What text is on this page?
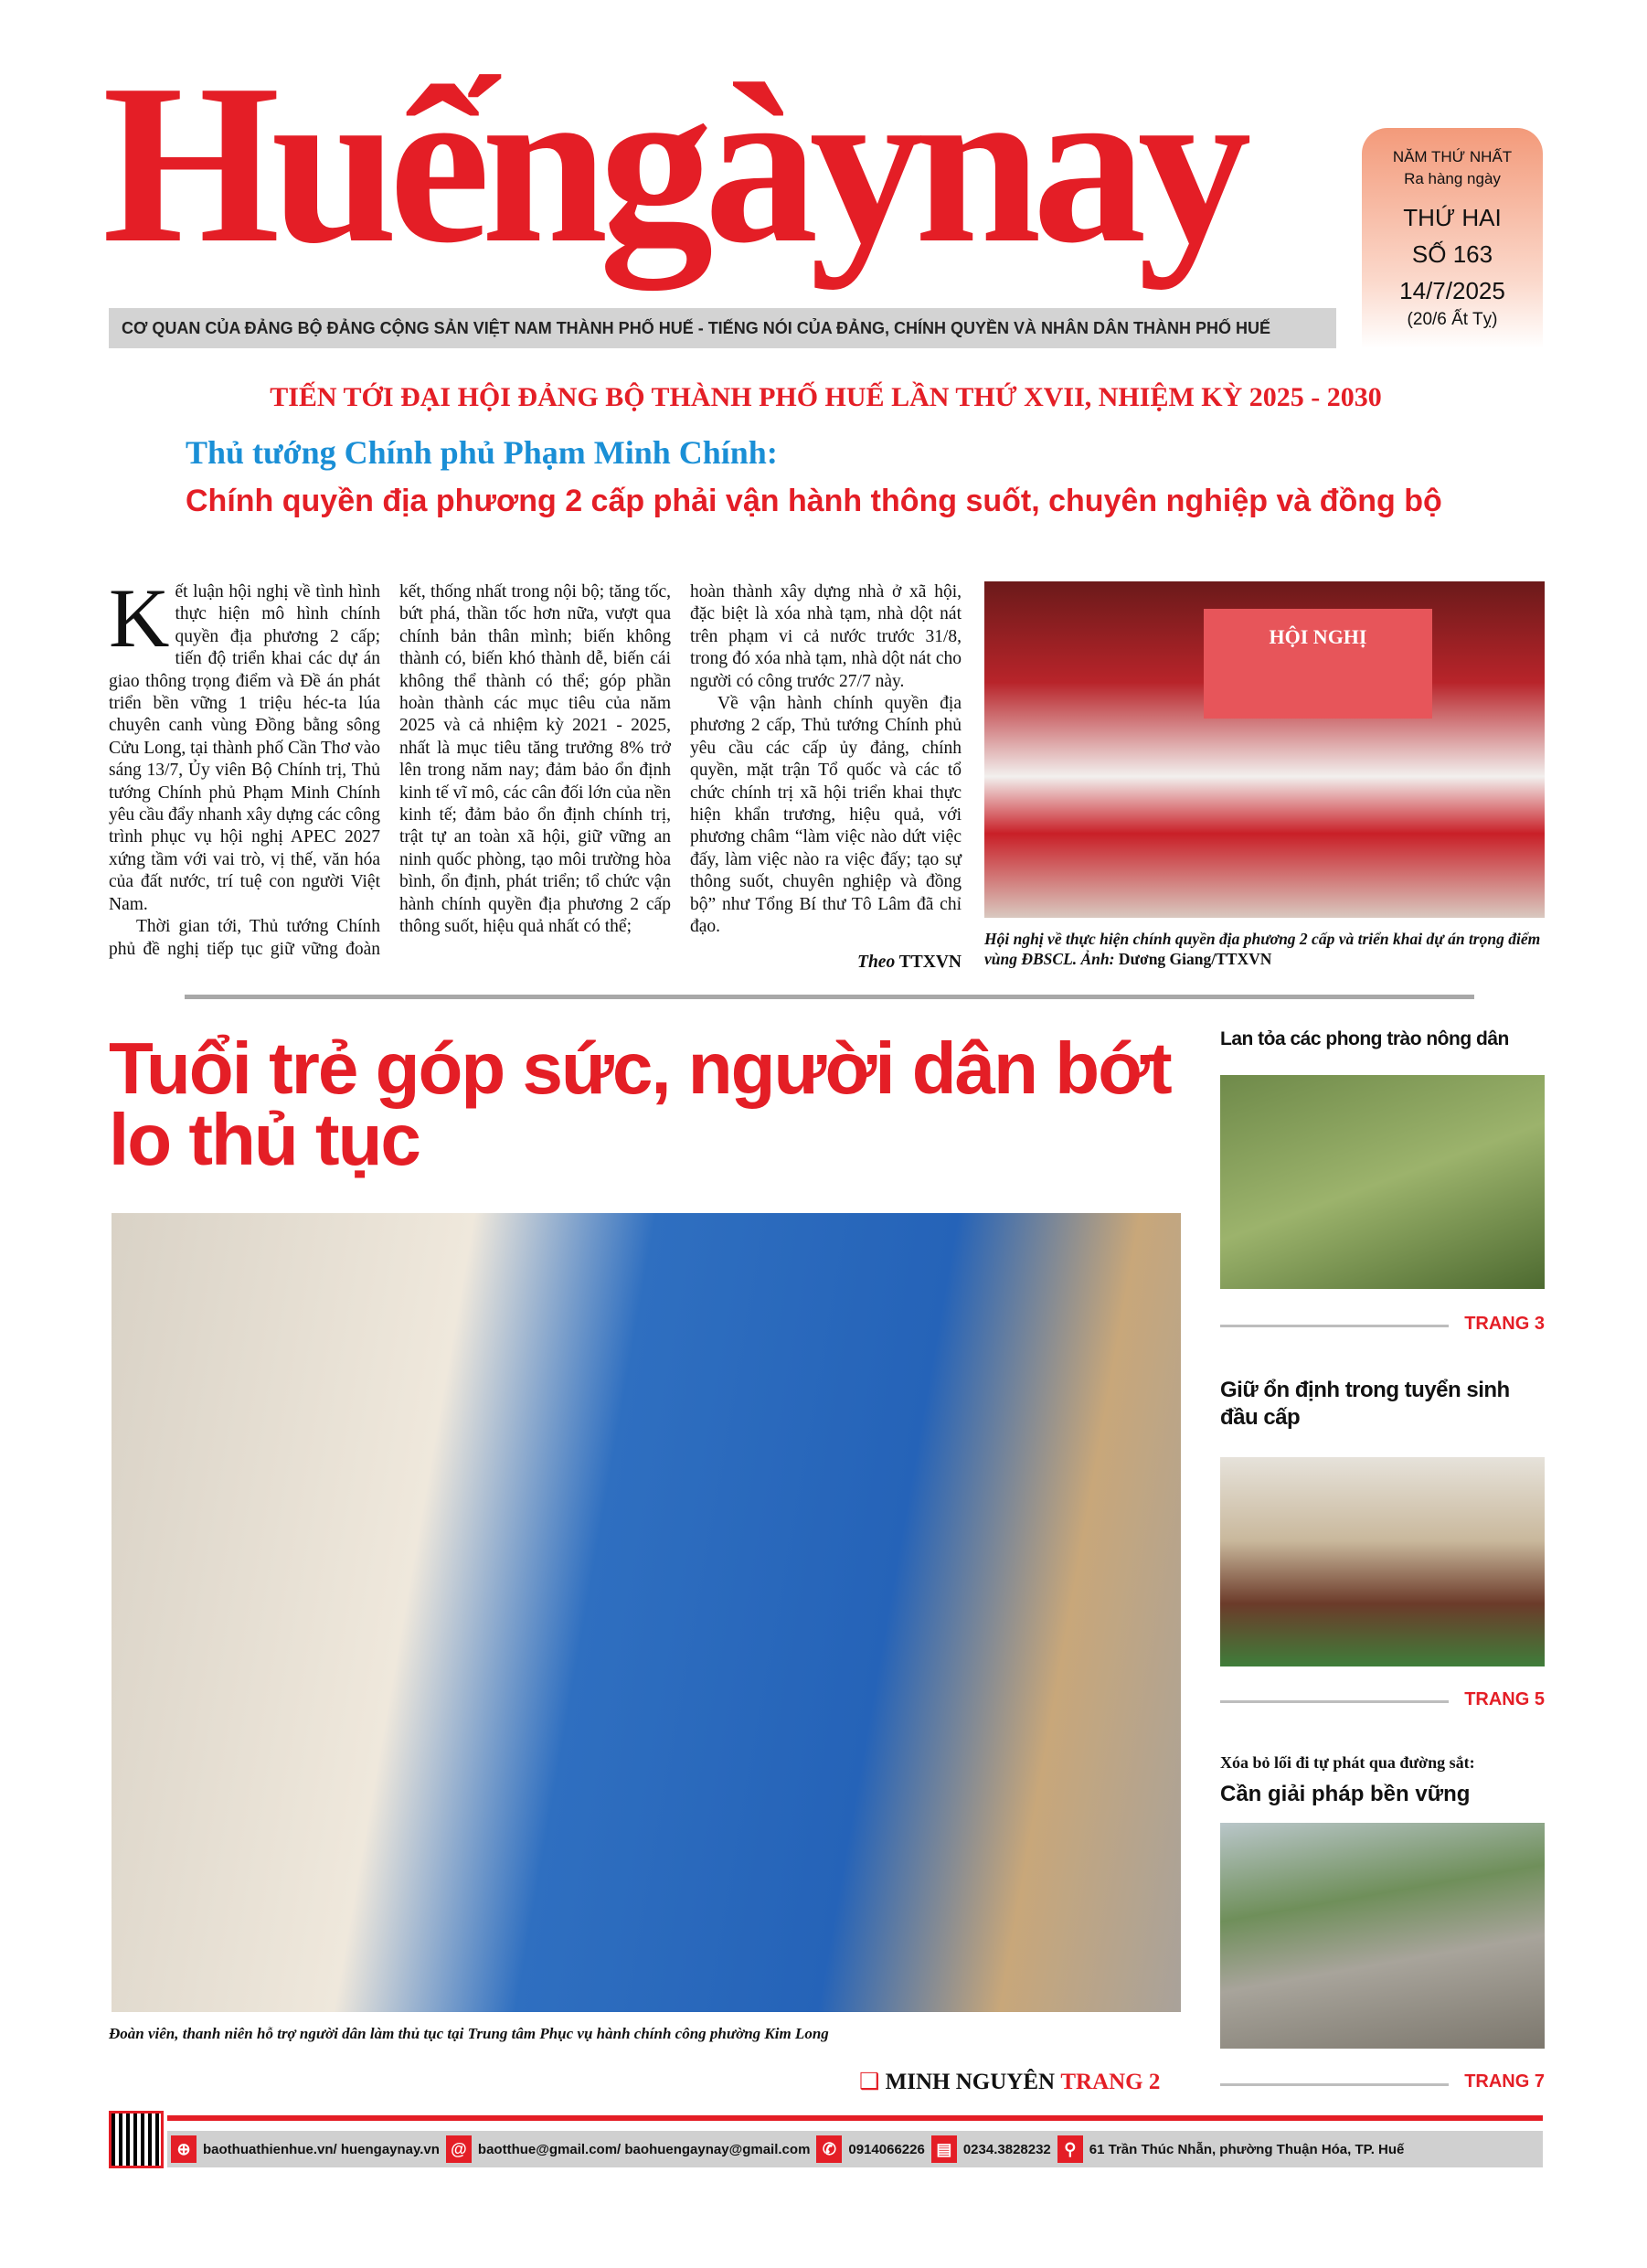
Huếngàynay
CƠ QUAN CỦA ĐẢNG BỘ ĐẢNG CỘNG SẢN VIỆT NAM THÀNH PHỐ HUẾ - TIẾNG NÓI CỦA ĐẢNG, CHÍNH QUYỀN VÀ NHÂN DÂN THÀNH PHỐ HUẾ
NĂM THỨ NHẤT
Ra hàng ngày
THỨ HAI
SỐ 163
14/7/2025
(20/6 Ất Tỵ)
TIẾN TỚI ĐẠI HỘI ĐẢNG BỘ THÀNH PHỐ HUẾ LẦN THỨ XVII, NHIỆM KỲ 2025 - 2030
Thủ tướng Chính phủ Phạm Minh Chính:
Chính quyền địa phương 2 cấp phải vận hành thông suốt, chuyên nghiệp và đồng bộ
K ết luận hội nghị về tình hình thực hiện mô hình chính quyền địa phương 2 cấp; tiến độ triển khai các dự án giao thông trọng điểm và Đề án phát triển bền vững 1 triệu héc-ta lúa chuyên canh vùng Đồng bằng sông Cửu Long, tại thành phố Cần Thơ vào sáng 13/7, Ủy viên Bộ Chính trị, Thủ tướng Chính phủ Phạm Minh Chính yêu cầu đẩy nhanh xây dựng các công trình phục vụ hội nghị APEC 2027 xứng tầm với vai trò, vị thế, văn hóa của đất nước, trí tuệ con người Việt Nam.

Thời gian tới, Thủ tướng Chính phủ đề nghị tiếp tục giữ vững đoàn kết, thống nhất trong nội bộ; tăng tốc, bứt phá, thần tốc hơn nữa, vượt qua chính bản thân mình; biến không thành có, biến khó thành dễ, biến cái không thể thành có thể; góp phần hoàn thành các mục tiêu của năm 2025 và cả nhiệm kỳ 2021 - 2025, nhất là mục tiêu tăng trưởng 8% trở lên trong năm nay; đảm bảo ổn định kinh tế vĩ mô, các cân đối lớn của nền kinh tế; đảm bảo ổn định chính trị, trật tự an toàn xã hội, giữ vững an ninh quốc phòng, tạo môi trường hòa bình, ổn định, phát triển; tổ chức vận hành chính quyền địa phương 2 cấp thông suốt, hiệu quả nhất có thể;

hoàn thành xây dựng nhà ở xã hội, đặc biệt là xóa nhà tạm, nhà dột nát trên phạm vi cả nước trước 31/8, trong đó xóa nhà tạm, nhà dột nát cho người có công trước 27/7 này.

Về vận hành chính quyền địa phương 2 cấp, Thủ tướng Chính phủ yêu cầu các cấp ủy đảng, chính quyền, mặt trận Tổ quốc và các tổ chức chính trị xã hội triển khai thực hiện khẩn trương, hiệu quả, với phương châm “làm việc nào dứt việc đấy, làm việc nào ra việc đấy; tạo sự thông suốt, chuyên nghiệp và đồng bộ” như Tổng Bí thư Tô Lâm đã chỉ đạo.

Theo TTXVN
HỘI NGHỊ
Hội nghị về thực hiện chính quyền địa phương 2 cấp và triển khai dự án trọng điểm vùng ĐBSCL. Ảnh: Dương Giang/TTXVN
Tuổi trẻ góp sức, người dân bớt lo thủ tục
Đoàn viên, thanh niên hỗ trợ người dân làm thủ tục tại Trung tâm Phục vụ hành chính công phường Kim Long
❑ MINH NGUYÊN TRANG 2
Lan tỏa các phong trào nông dân
TRANG 3
Giữ ổn định trong tuyển sinh đầu cấp
TRANG 5
Xóa bỏ lối đi tự phát qua đường sắt:
Cần giải pháp bền vững
TRANG 7
⊕ baothuathienhue.vn/ huengaynay.vn @ baotthue@gmail.com/ baohuengaynay@gmail.com ✆ 0914066226 ▤ 0234.3828232 ⚲ 61 Trần Thúc Nhẫn, phường Thuận Hóa, TP. Huế
